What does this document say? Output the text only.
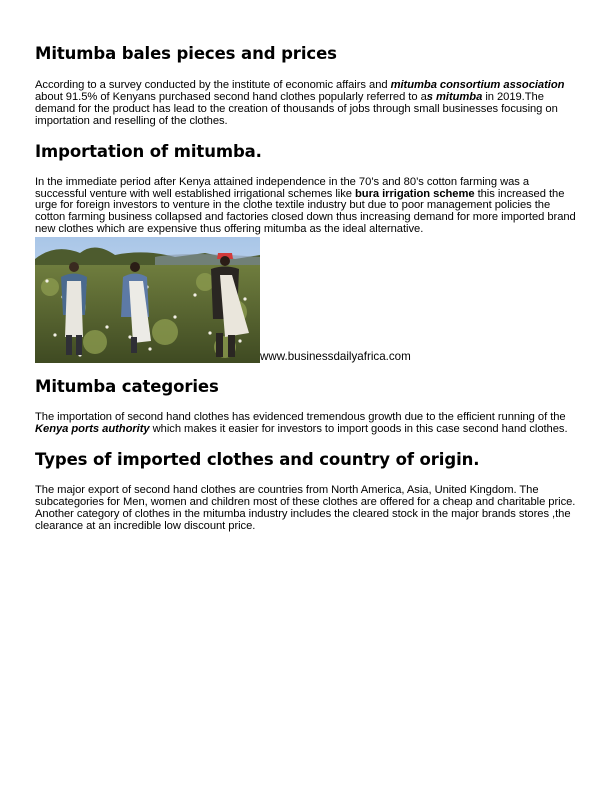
Mitumba bales pieces and prices

According to a survey conducted by the institute of economic affairs and mitumba consortium association about 91.5% of Kenyans purchased second hand clothes popularly referred to as mitumba in 2019.The demand for the product has lead to the creation of thousands of jobs through small businesses focusing on importation and reselling of the clothes.

Importation of mitumba.

In the immediate period after Kenya attained independence in the 70’s and 80’s cotton farming was a successful venture with well established irrigational schemes like bura irrigation scheme this increased the urge for foreign investors to venture in the clothe textile industry but due to poor management policies the cotton farming business collapsed and factories closed down thus increasing demand for more imported brand new clothes which are expensive thus offering mitumba as the ideal alternative.

www.businessdailyafrica.com
Mitumba categories

The importation of second hand clothes has evidenced tremendous growth due to the efficient running of the Kenya ports authority which makes it easier for investors to import goods in this case second hand clothes.

Types of imported clothes and country of origin.

The major export of second hand clothes are countries from North America, Asia, United Kingdom. The subcategories for Men, women and children most of these clothes are offered for a cheap and charitable price. Another category of clothes in the mitumba industry includes the cleared stock in the major brands stores ,the clearance at an incredible low discount price.
